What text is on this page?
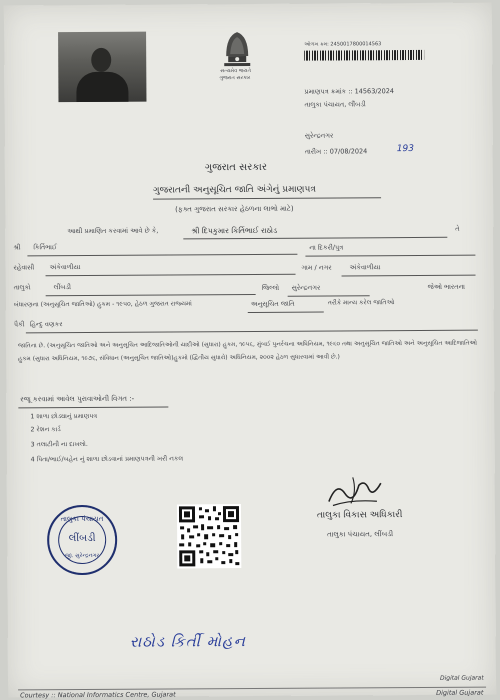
સત્યમેવ જયતે
ગુજરાત સરકાર
ઓળખ ક્રમ: 2450017800014563
પ્રમાણપત્ર ક્રમાંક :: 14563/2024
તાલુકા પંચાયત, લીંબડી
સુરેન્દ્રનગર
તારીખ :: 07/08/2024	193
ગુજરાત સરકાર
ગુજરાતની અનુસૂચિત જાતિ અંગેનું પ્રમાણપત્ર
(ફક્ત ગુજરાત સરકાર હેઠળના લાભો માટે)
આથી પ્રમાણિત કરવામાં આવે છે કે,	શ્રી દિપકુમાર કિર્તિભાઈ રાઠોડ	તે
શ્રી કિર્તિભાઈ	ના દિકરી/પુત્ર
રહેવાસી અંકેવાળીયા	ગામ / નગર	અંકેવાળીયા
તાલુકો	લીંબડી	જિલ્લો સુરેન્દ્રનગર	જેઓ ભારતના
બંધારણના (અનુસૂચિત જાતિઓ) હુકમ - ૧૯૫૦, હેઠળ ગુજરાત રાજ્યમાં	અનુસૂચિત જાતિ	તરીકે માન્ય કરેલ જાતિઓ
પૈકી હિન્દુ વણકર
જાતિના છે. (અનુસૂચિત જાતિઓ અને અનુસૂચિત આદિજાતિઓની યાદીઓ (સુધારા) હુકમ, ૧૯૫૬, મુંબઈ પુનર્રચના અધિનિયમ, ૧૯૬૦ તથા અનુસૂચિત જાતિઓ અને અનુસૂચિત આદિજાતિઓ હુકમ (સુધારા અધિનિયમ, ૧૯૭૬, સંવિધાન (અનુસૂચિત જાતિઓ)હુકમો (દ્વિતીય સુધારો) અધિનિયમ, ૨૦૦૨ હેઠળ સુધારવામાં આવી છે.)
રજૂ કરવામાં આવેલ પુરાવાઓની વિગત :-
1 શાળા છોડ્યાનું પ્રમાણપત્ર
2 રેશન કાર્ડ
3 તલાટીની ના દાખલો.
4 પિતા/ભાઈ/બહેન નું શાળા છોડવાનાં પ્રમાણપત્રની ખરી નકલ
તાલુકા પંચાયત
લીંબડી
જી. સુરેન્દ્રનગર
તાલુકા વિકાસ અધિકારી
તાલુકા પંચાયત, લીંબડી
રાઠોડ કિર્તી મોહન
Courtesy :: National Informatics Centre, Gujarat	Digital Gujarat
Digital Gujarat
